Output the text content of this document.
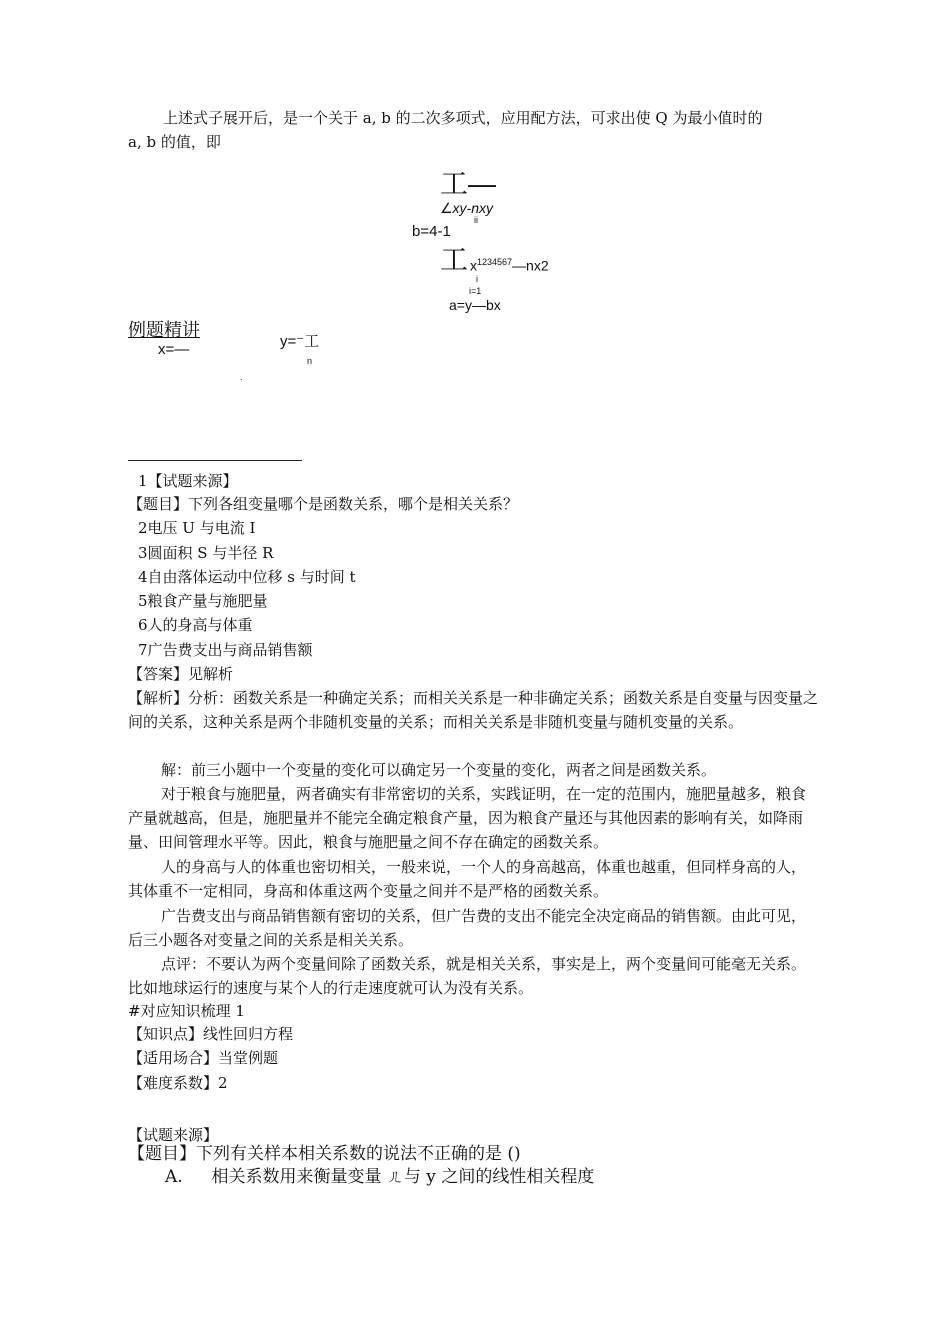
上述式子展开后，是一个关于 a, b 的二次多项式，应用配方法，可求出使 Q 为最小值时的
a, b 的值，即
工—
∠xy-nxy
ii
b=4-1
工 $x^{1234567}—nx2$
i
i=1
a=y—bx
例题精讲
x=—	y=⁻工
n
.
1【试题来源】
【题目】下列各组变量哪个是函数关系，哪个是相关关系？
2电压 U 与电流 I
3圆面积 S 与半径 R
4自由落体运动中位移 s 与时间 t
5粮食产量与施肥量
6人的身高与体重
7广告费支出与商品销售额
【答案】见解析
【解析】分析：函数关系是一种确定关系；而相关关系是一种非确定关系；函数关系是自变量与因变量之间的关系，这种关系是两个非随机变量的关系；而相关关系是非随机变量与随机变量的关系。
解：前三小题中一个变量的变化可以确定另一个变量的变化，两者之间是函数关系。
对于粮食与施肥量，两者确实有非常密切的关系，实践证明，在一定的范围内，施肥量越多，粮食产量就越高，但是，施肥量并不能完全确定粮食产量，因为粮食产量还与其他因素的影响有关，如降雨量、田间管理水平等。因此，粮食与施肥量之间不存在确定的函数关系。
人的身高与人的体重也密切相关，一般来说，一个人的身高越高，体重也越重，但同样身高的人，其体重不一定相同，身高和体重这两个变量之间并不是严格的函数关系。
广告费支出与商品销售额有密切的关系，但广告费的支出不能完全决定商品的销售额。由此可见，后三小题各对变量之间的关系是相关关系。
点评：不要认为两个变量间除了函数关系，就是相关关系，事实是上，两个变量间可能毫无关系。比如地球运行的速度与某个人的行走速度就可认为没有关系。
#对应知识梳理 1
【知识点】线性回归方程
【适用场合】当堂例题
【难度系数】2
【试题来源】
【题目】下列有关样本相关系数的说法不正确的是 ()
A. 相关系数用来衡量变量 ㄦ与 y 之间的线性相关程度
